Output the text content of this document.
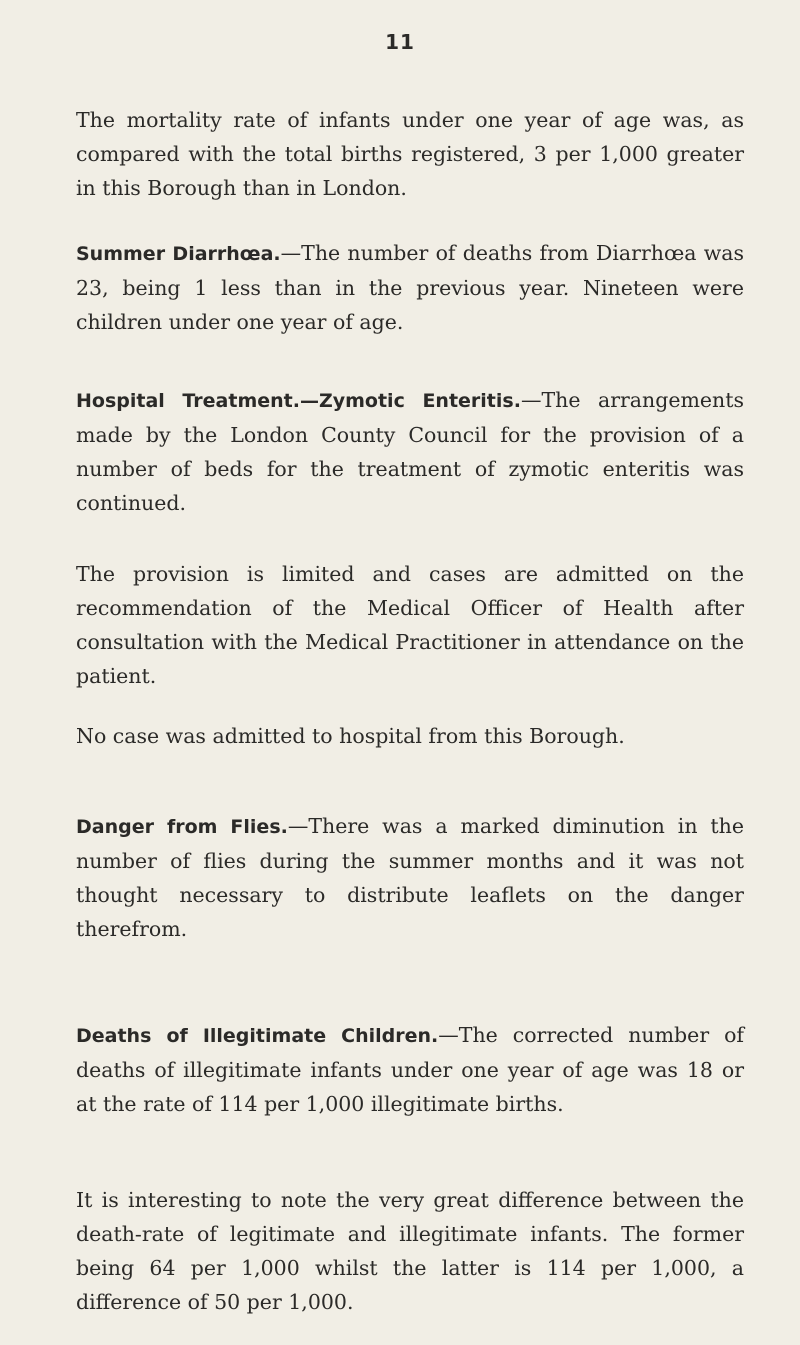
11

The mortality rate of infants under one year of age was, as compared with the total births registered, 3 per 1,000 greater in this Borough than in London.

Summer Diarrhœa.—The number of deaths from Diarrhœa was 23, being 1 less than in the previous year. Nineteen were children under one year of age.

Hospital Treatment.—Zymotic Enteritis.—The arrangements made by the London County Council for the provision of a number of beds for the treatment of zymotic enteritis was continued.

The provision is limited and cases are admitted on the recommendation of the Medical Officer of Health after consultation with the Medical Practitioner in attendance on the patient.

No case was admitted to hospital from this Borough.

Danger from Flies.—There was a marked diminution in the number of flies during the summer months and it was not thought necessary to distribute leaflets on the danger therefrom.

Deaths of Illegitimate Children.—The corrected number of deaths of illegitimate infants under one year of age was 18 or at the rate of 114 per 1,000 illegitimate births.

It is interesting to note the very great difference between the death-rate of legitimate and illegitimate infants. The former being 64 per 1,000 whilst the latter is 114 per 1,000, a difference of 50 per 1,000.
